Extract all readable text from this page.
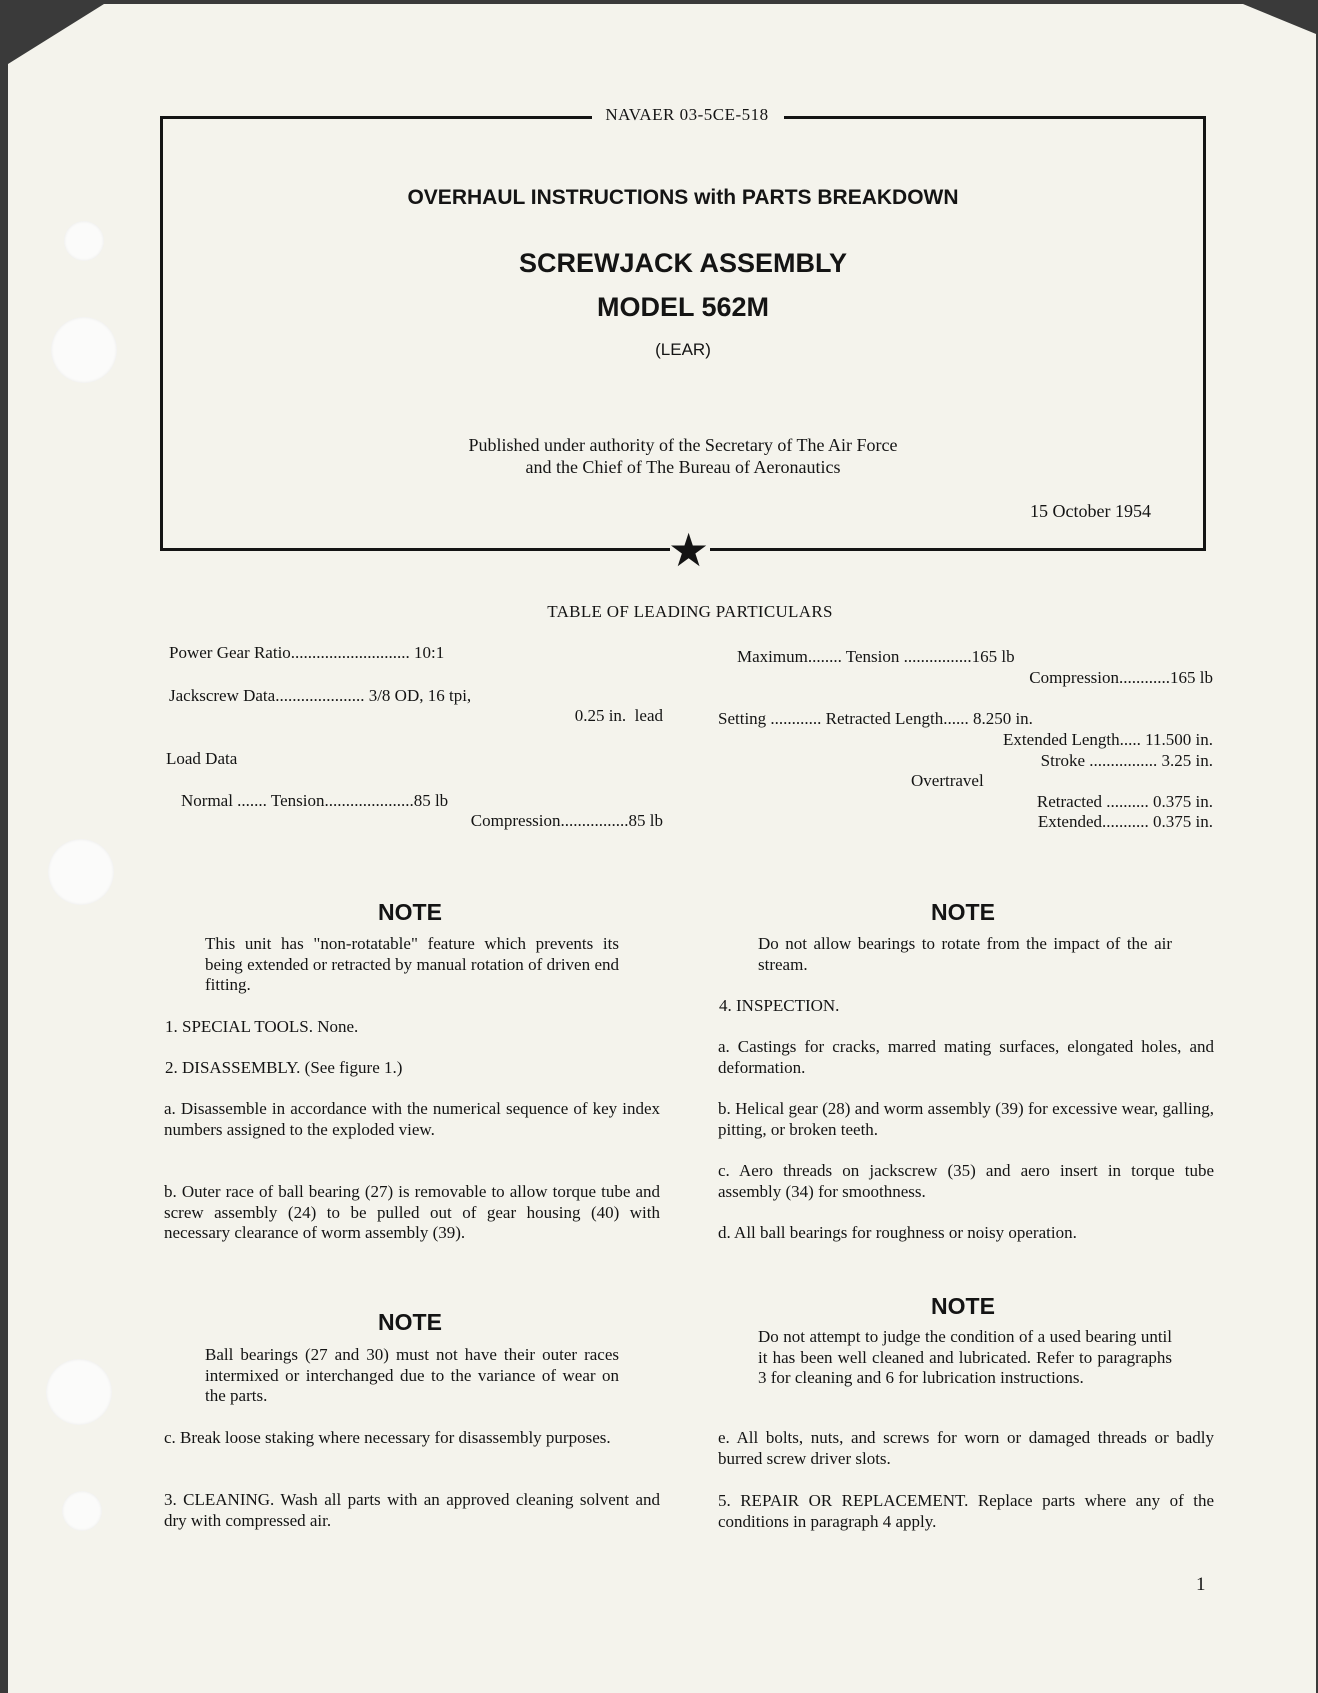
NAVAER 03-5CE-518
★
OVERHAUL INSTRUCTIONS with PARTS BREAKDOWN
SCREWJACK ASSEMBLY
MODEL 562M
(LEAR)
Published under authority of the Secretary of The Air Force
and the Chief of The Bureau of Aeronautics
15 October 1954
TABLE OF LEADING PARTICULARS
Power Gear Ratio............................ 10:1
Jackscrew Data..................... 3/8 OD, 16 tpi,
0.25 in.  lead
Load Data
Normal ....... Tension.....................85 lb
Compression................85 lb
Maximum........ Tension ................165 lb
Compression............165 lb
Setting ............ Retracted Length...... 8.250 in.
Extended Length..... 11.500 in.
Stroke ................ 3.25 in.
Overtravel
Retracted .......... 0.375 in.
Extended........... 0.375 in.
NOTE
This unit has "non-rotatable" feature which prevents its being extended or retracted by manual rotation of driven end fitting.
1. SPECIAL TOOLS. None.
2. DISASSEMBLY. (See figure 1.)
a. Disassemble in accordance with the numerical sequence of key index numbers assigned to the exploded view.
b. Outer race of ball bearing (27) is removable to allow torque tube and screw assembly (24) to be pulled out of gear housing (40) with necessary clearance of worm assembly (39).
NOTE
Ball bearings (27 and 30) must not have their outer races intermixed or interchanged due to the variance of wear on the parts.
c. Break loose staking where necessary for disassembly purposes.
3. CLEANING. Wash all parts with an approved cleaning solvent and dry with compressed air.
NOTE
Do not allow bearings to rotate from the impact of the air stream.
4. INSPECTION.
a. Castings for cracks, marred mating surfaces, elongated holes, and deformation.
b. Helical gear (28) and worm assembly (39) for excessive wear, galling, pitting, or broken teeth.
c. Aero threads on jackscrew (35) and aero insert in torque tube assembly (34) for smoothness.
d. All ball bearings for roughness or noisy operation.
NOTE
Do not attempt to judge the condition of a used bearing until it has been well cleaned and lubricated. Refer to paragraphs 3 for cleaning and 6 for lubrication instructions.
e. All bolts, nuts, and screws for worn or damaged threads or badly burred screw driver slots.
5. REPAIR OR REPLACEMENT. Replace parts where any of the conditions in paragraph 4 apply.
1
